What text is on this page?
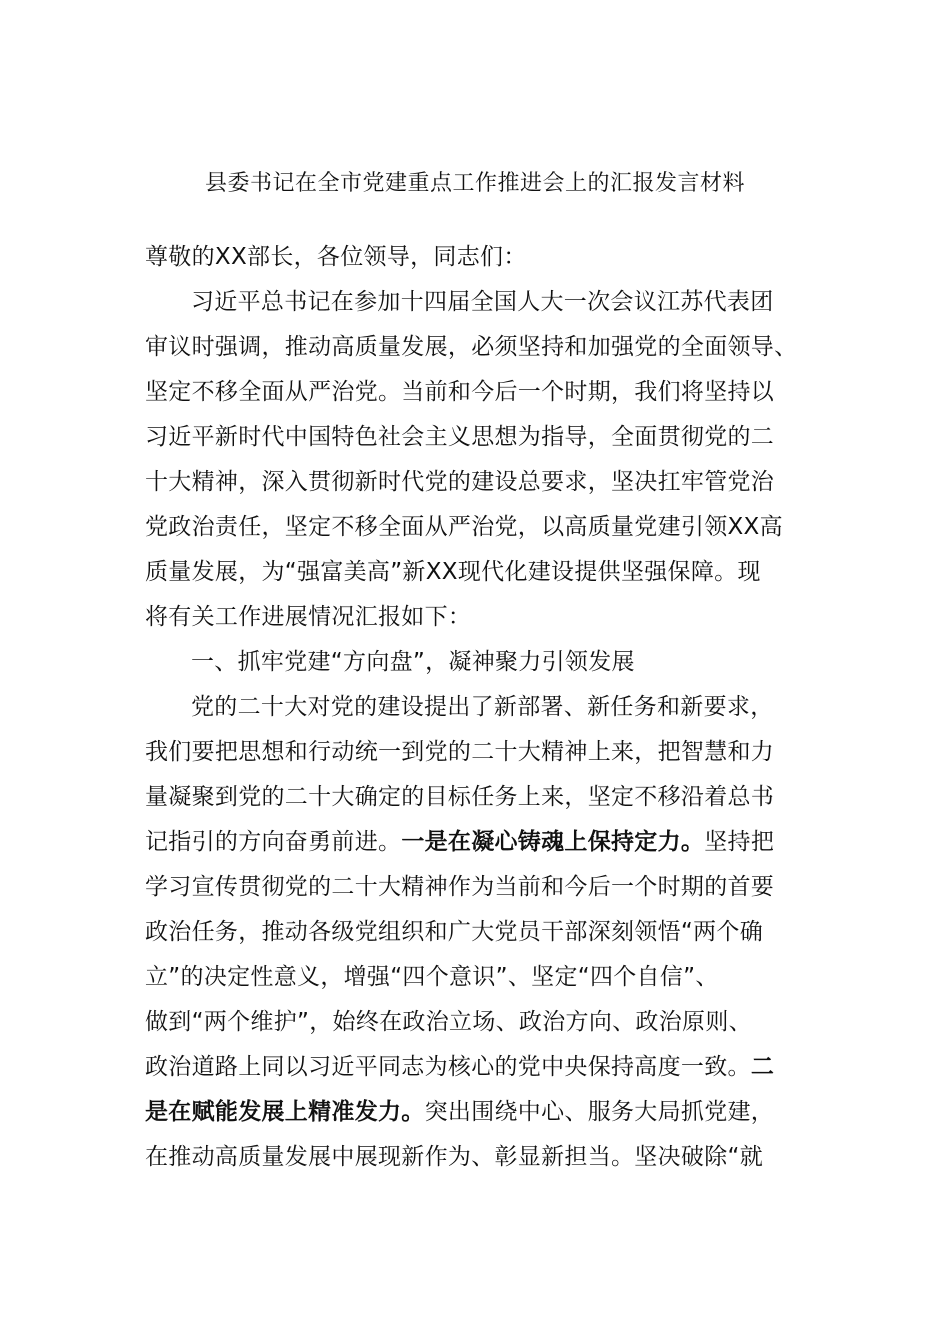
县委书记在全市党建重点工作推进会上的汇报发言材料
尊敬的XX部长，各位领导，同志们：
习近平总书记在参加十四届全国人大一次会议江苏代表团
审议时强调，推动高质量发展，必须坚持和加强党的全面领导、
坚定不移全面从严治党。当前和今后一个时期，我们将坚持以
习近平新时代中国特色社会主义思想为指导，全面贯彻党的二
十大精神，深入贯彻新时代党的建设总要求，坚决扛牢管党治
党政治责任，坚定不移全面从严治党，以高质量党建引领XX高
质量发展，为“强富美高”新XX现代化建设提供坚强保障。现
将有关工作进展情况汇报如下：
一、抓牢党建“方向盘”，凝神聚力引领发展
党的二十大对党的建设提出了新部署、新任务和新要求，
我们要把思想和行动统一到党的二十大精神上来，把智慧和力
量凝聚到党的二十大确定的目标任务上来，坚定不移沿着总书
记指引的方向奋勇前进。一是在凝心铸魂上保持定力。坚持把
学习宣传贯彻党的二十大精神作为当前和今后一个时期的首要
政治任务，推动各级党组织和广大党员干部深刻领悟“两个确
立”的决定性意义，增强“四个意识”、坚定“四个自信”、
做到“两个维护”，始终在政治立场、政治方向、政治原则、
政治道路上同以习近平同志为核心的党中央保持高度一致。二
是在赋能发展上精准发力。突出围绕中心、服务大局抓党建，
在推动高质量发展中展现新作为、彰显新担当。坚决破除“就
